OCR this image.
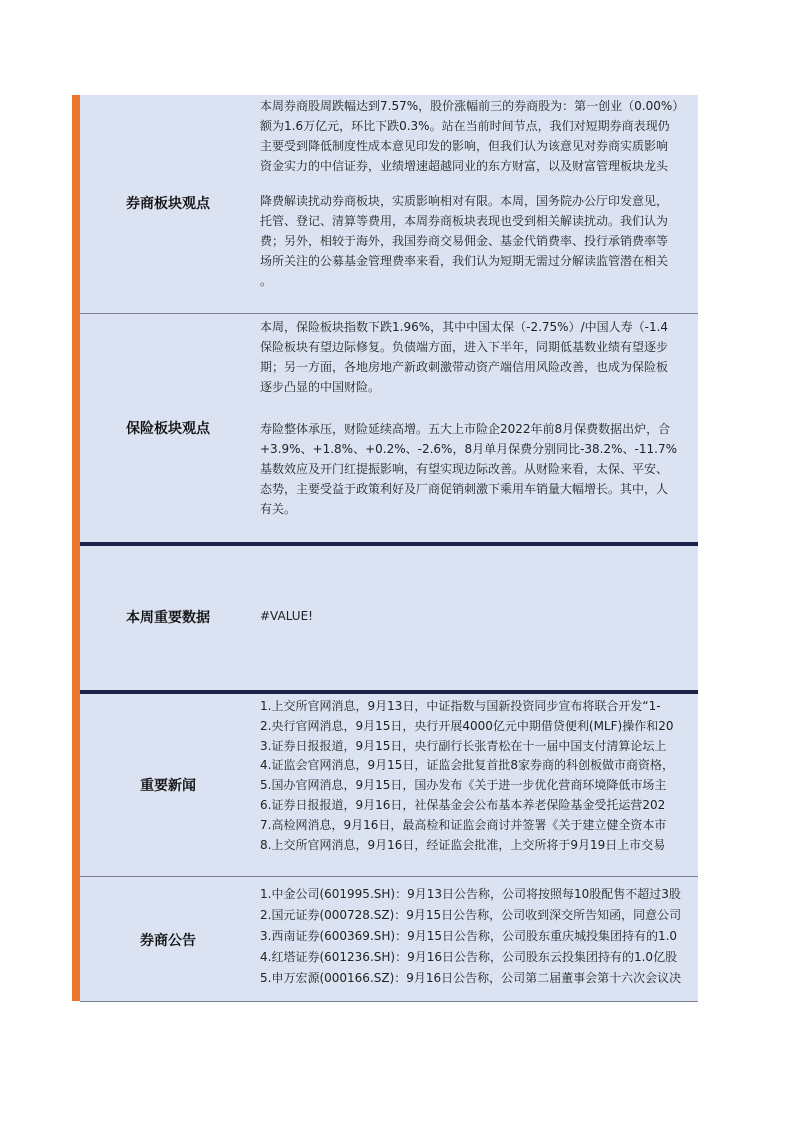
券商板块观点

本周券商股周跌幅达到7.57%，股价涨幅前三的券商股为：第一创业（0.00%）

额为1.6万亿元，环比下跌0.3%。站在当前时间节点，我们对短期券商表现仍

主要受到降低制度性成本意见印发的影响，但我们认为该意见对券商实质影响

资金实力的中信证券，业绩增速超越同业的东方财富，以及财富管理板块龙头

降费解读扰动券商板块，实质影响相对有限。本周，国务院办公厅印发意见，

托管、登记、清算等费用，本周券商板块表现也受到相关解读扰动。我们认为

费；另外，相较于海外，我国券商交易佣金、基金代销费率、投行承销费率等

场所关注的公募基金管理费率来看，我们认为短期无需过分解读监管潜在相关

。

保险板块观点

本周，保险板块指数下跌1.96%，其中中国太保（-2.75%）/中国人寿（-1.4

保险板块有望边际修复。负债端方面，进入下半年，同期低基数业绩有望逐步

期；另一方面，各地房地产新政刺激带动资产端信用风险改善，也成为保险板

逐步凸显的中国财险。

寿险整体承压，财险延续高增。五大上市险企2022年前8月保费数据出炉，合

+3.9%、+1.8%、+0.2%、-2.6%，8月单月保费分别同比-38.2%、-11.7%

基数效应及开门红提振影响，有望实现边际改善。从财险来看，太保、平安、

态势，主要受益于政策利好及厂商促销刺激下乘用车销量大幅增长。其中，人

有关。

本周重要数据	#VALUE!
重要新闻

1.上交所官网消息，9月13日，中证指数与国新投资同步宣布将联合开发“1-

2.央行官网消息，9月15日，央行开展4000亿元中期借贷便利(MLF)操作和20

3.证券日报报道，9月15日，央行副行长张青松在十一届中国支付清算论坛上

4.证监会官网消息，9月15日，证监会批复首批8家券商的科创板做市商资格，

5.国办官网消息，9月15日，国办发布《关于进一步优化营商环境降低市场主

6.证券日报报道，9月16日，社保基金会公布基本养老保险基金受托运营202

7.高检网消息，9月16日，最高检和证监会商讨并签署《关于建立健全资本市

8.上交所官网消息，9月16日，经证监会批准，上交所将于9月19日上市交易

券商公告

1.中金公司(601995.SH)：9月13日公告称，公司将按照每10股配售不超过3股

2.国元证券(000728.SZ)：9月15日公告称，公司收到深交所告知函，同意公司

3.西南证券(600369.SH)：9月15日公告称，公司股东重庆城投集团持有的1.0

4.红塔证券(601236.SH)：9月16日公告称，公司股东云投集团持有的1.0亿股

5.申万宏源(000166.SZ)：9月16日公告称，公司第二届董事会第十六次会议决
